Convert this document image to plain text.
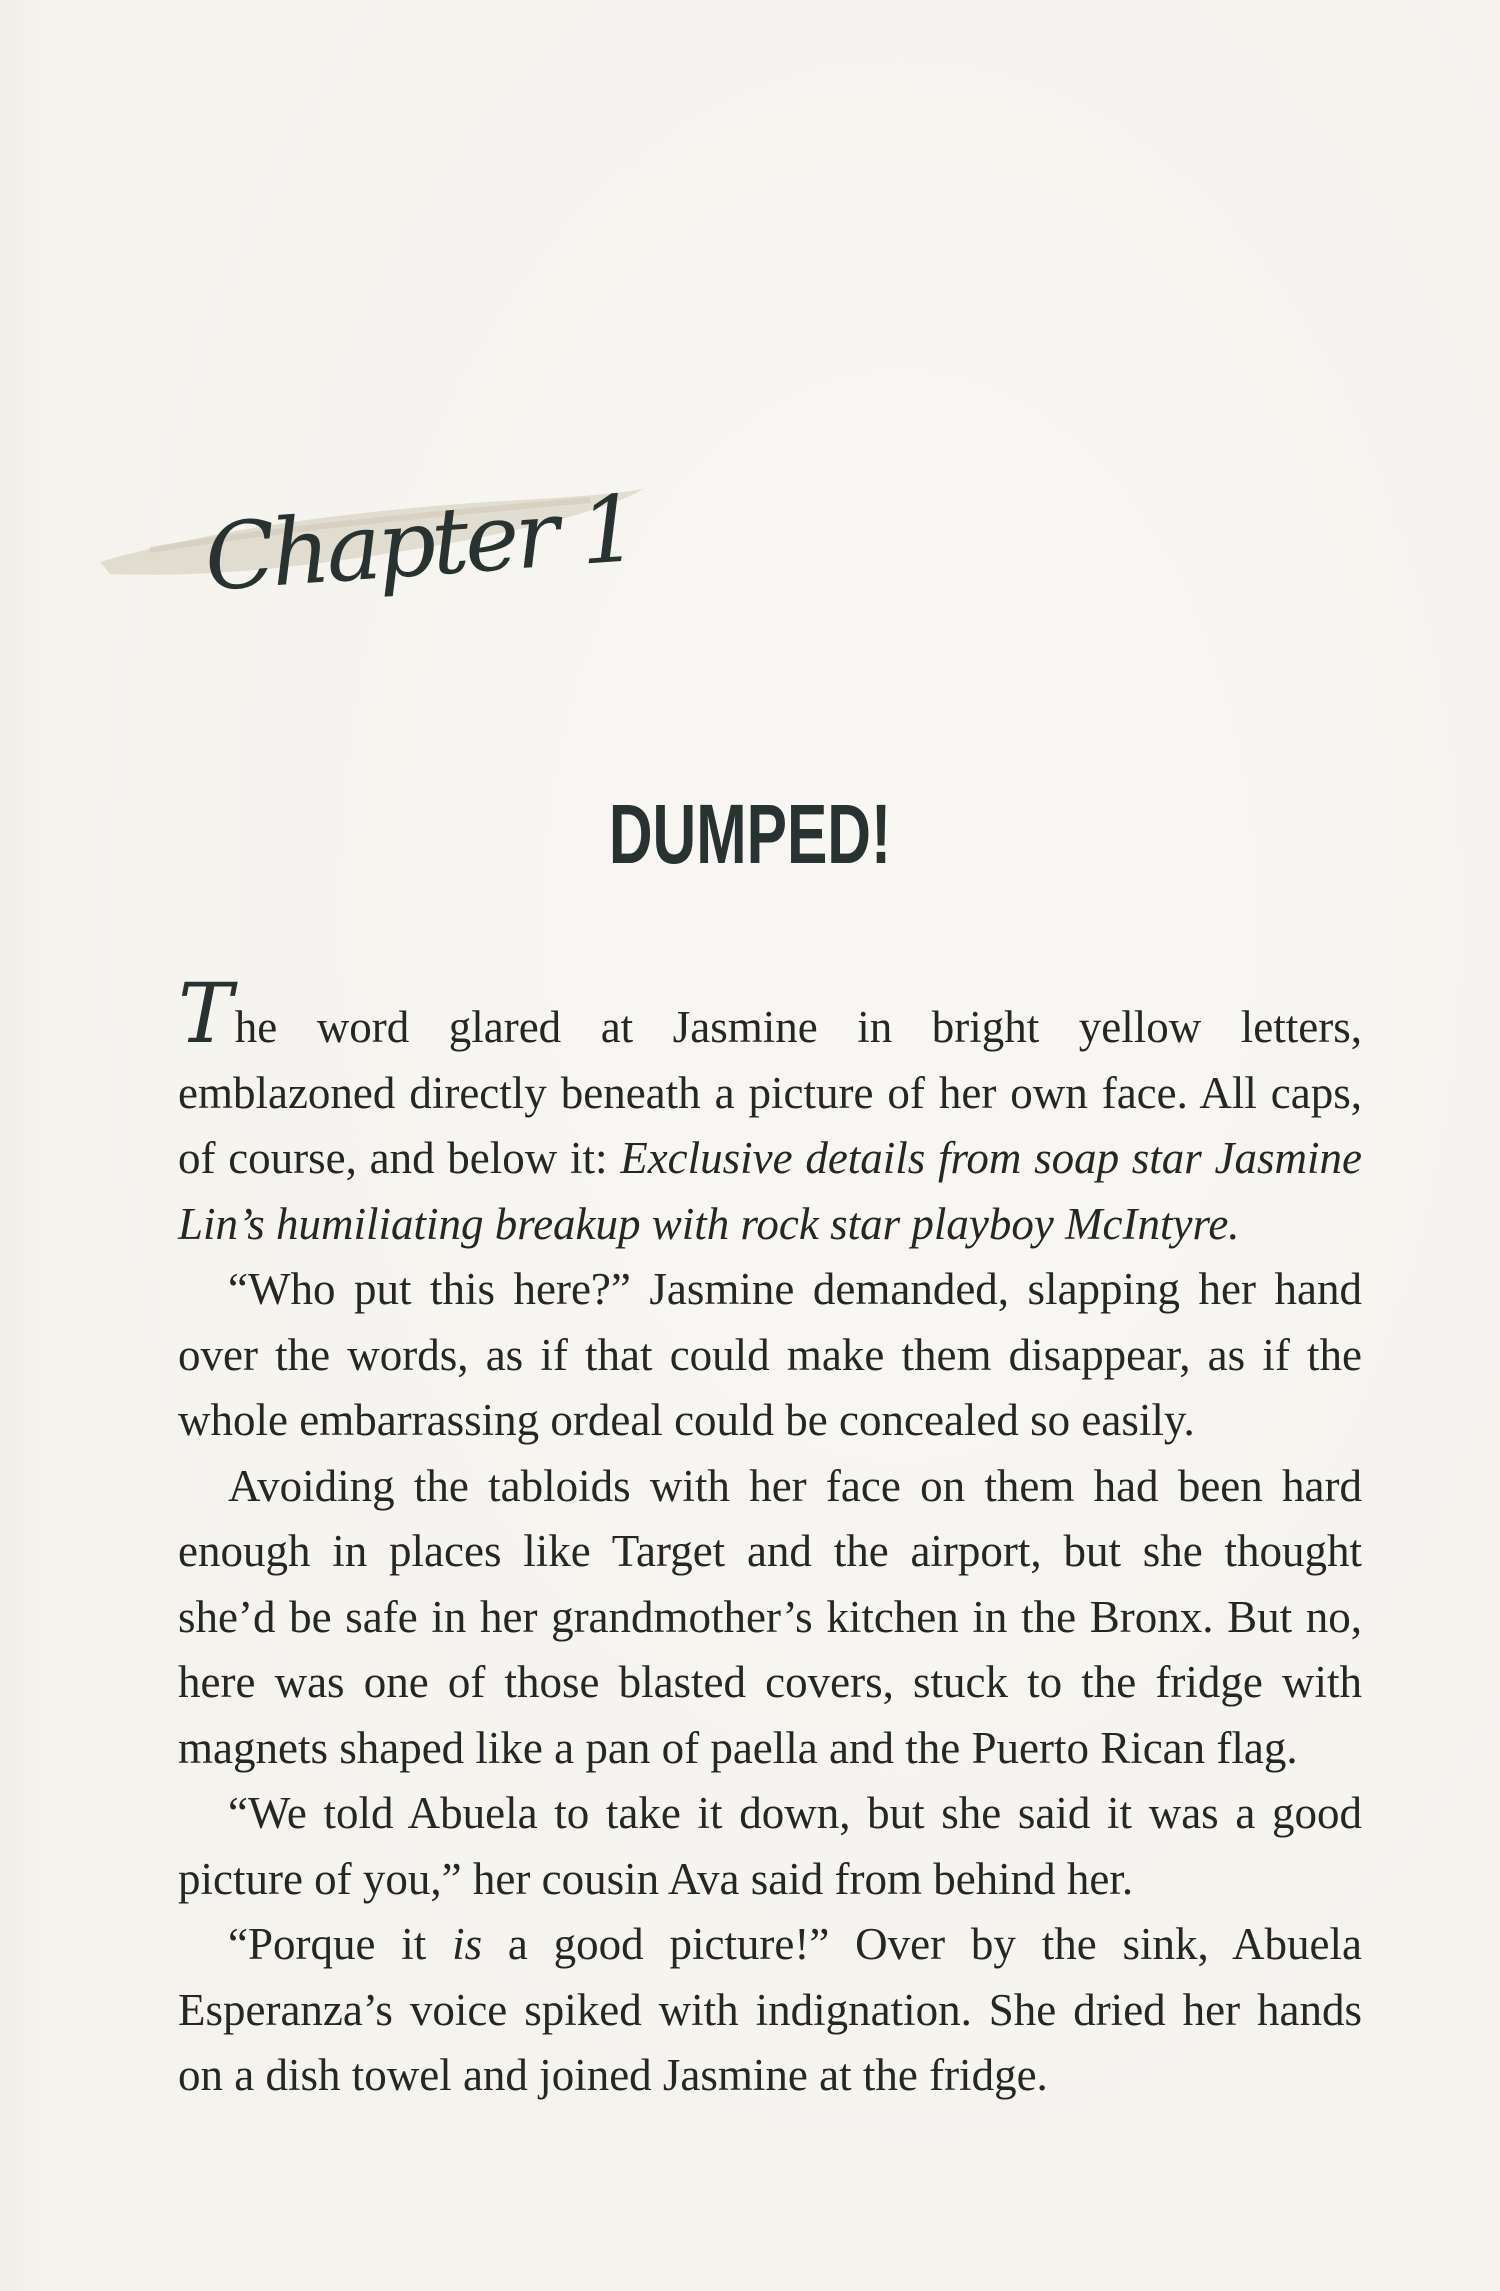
Chapter 1
DUMPED!

The word glared at Jasmine in bright yellow letters, emblazoned directly beneath a picture of her own face. All caps, of course, and below it: Exclusive details from soap star Jasmine Lin’s humiliating breakup with rock star playboy McIntyre.

“Who put this here?” Jasmine demanded, slapping her hand over the words, as if that could make them disappear, as if the whole embarrassing ordeal could be concealed so easily.

Avoiding the tabloids with her face on them had been hard enough in places like Target and the airport, but she thought she’d be safe in her grandmother’s kitchen in the Bronx. But no, here was one of those blasted covers, stuck to the fridge with magnets shaped like a pan of paella and the Puerto Rican flag.

“We told Abuela to take it down, but she said it was a good picture of you,” her cousin Ava said from behind her.

“Porque it is a good picture!” Over by the sink, Abuela Esperanza’s voice spiked with indignation. She dried her hands on a dish towel and joined Jasmine at the fridge.
